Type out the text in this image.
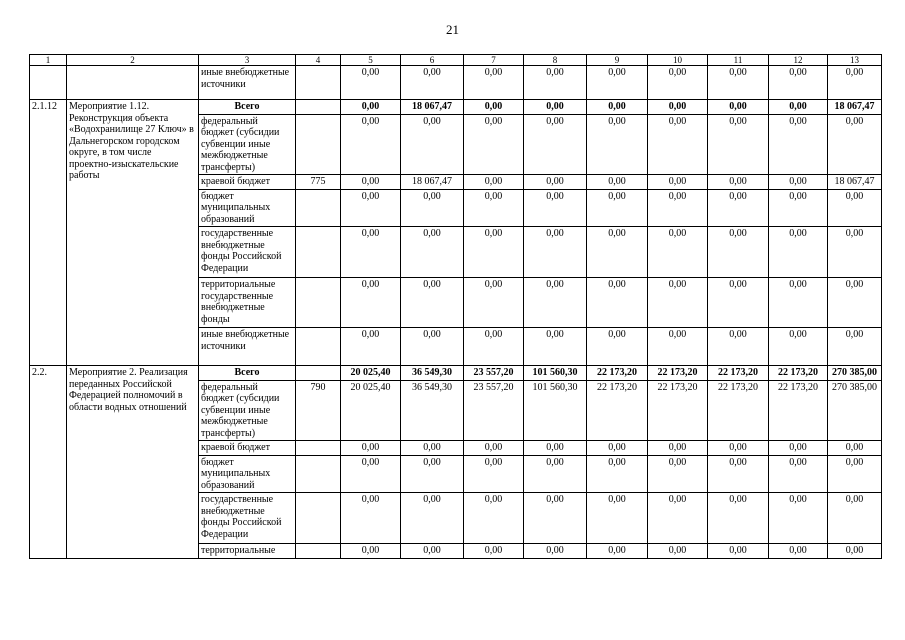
21
1	2	3	4	5	6	7	8	9	10	11	12	13
		иные внебюджетные источники		0,00	0,00	0,00	0,00	0,00	0,00	0,00	0,00	0,00
2.1.12	Мероприятие 1.12. Реконструкция объекта «Водохранилище 27 Ключ» в Дальнегорском городском округе, в том числе проектно-изыскательские работы	Всего		0,00	18 067,47	0,00	0,00	0,00	0,00	0,00	0,00	18 067,47
		федеральный бюджет (субсидии субвенции иные межбюджетные трансферты)		0,00	0,00	0,00	0,00	0,00	0,00	0,00	0,00	0,00
		краевой бюджет	775	0,00	18 067,47	0,00	0,00	0,00	0,00	0,00	0,00	18 067,47
		бюджет муниципальных образований		0,00	0,00	0,00	0,00	0,00	0,00	0,00	0,00	0,00
		государственные внебюджетные фонды Российской Федерации		0,00	0,00	0,00	0,00	0,00	0,00	0,00	0,00	0,00
		территориальные государственные внебюджетные фонды		0,00	0,00	0,00	0,00	0,00	0,00	0,00	0,00	0,00
		иные внебюджетные источники		0,00	0,00	0,00	0,00	0,00	0,00	0,00	0,00	0,00
2.2.	Мероприятие 2. Реализация переданных Российской Федерацией полномочий в области водных отношений	Всего		20 025,40	36 549,30	23 557,20	101 560,30	22 173,20	22 173,20	22 173,20	22 173,20	270 385,00
		федеральный бюджет (субсидии субвенции иные межбюджетные трансферты)	790	20 025,40	36 549,30	23 557,20	101 560,30	22 173,20	22 173,20	22 173,20	22 173,20	270 385,00
		краевой бюджет		0,00	0,00	0,00	0,00	0,00	0,00	0,00	0,00	0,00
		бюджет муниципальных образований		0,00	0,00	0,00	0,00	0,00	0,00	0,00	0,00	0,00
		государственные внебюджетные фонды Российской Федерации		0,00	0,00	0,00	0,00	0,00	0,00	0,00	0,00	0,00
		территориальные		0,00	0,00	0,00	0,00	0,00	0,00	0,00	0,00	0,00
